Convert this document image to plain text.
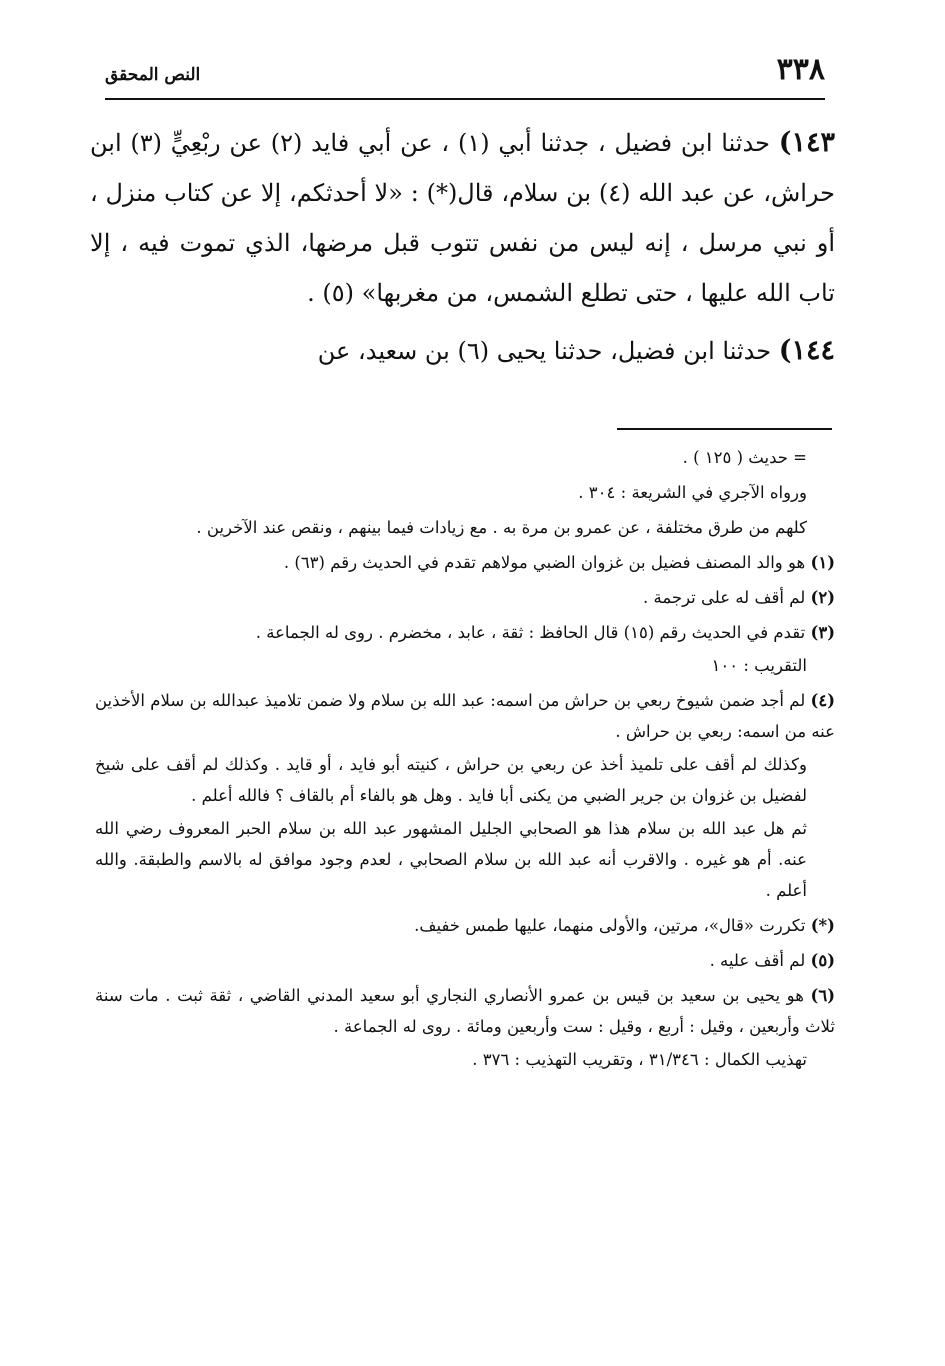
٣٣٨
النص المحقق

١٤٣) حدثنا ابن فضيل ، جدثنا أبي (١) ، عن أبي فايد (٢) عن ربْعِيٍّ (٣) ابن حراش، عن عبد الله (٤) بن سلام، قال(*) : «لا أحدثكم، إلا عن كتاب منزل ، أو نبي مرسل ، إنه ليس من نفس تتوب قبل مرضها، الذي تموت فيه ، إلا تاب الله عليها ، حتى تطلع الشمس، من مغربها» (٥) .

١٤٤) حدثنا ابن فضيل، حدثنا يحيى (٦) بن سعيد، عن

= حديث ( ١٢٥ ) .

ورواه الآجري في الشريعة : ٣٠٤ .

كلهم من طرق مختلفة ، عن عمرو بن مرة به . مع زيادات فيما بينهم ، ونقص عند الآخرين .

(١) هو والد المصنف فضيل بن غزوان الضبي مولاهم تقدم في الحديث رقم (٦٣) .

(٢) لم أقف له على ترجمة .

(٣) تقدم في الحديث رقم (١٥) قال الحافظ : ثقة ، عابد ، مخضرم . روى له الجماعة .

التقريب : ١٠٠

(٤) لم أجد ضمن شيوخ ربعي بن حراش من اسمه: عبد الله بن سلام ولا ضمن تلاميذ عبدالله بن سلام الأخذين عنه من اسمه: ربعي بن حراش .

وكذلك لم أقف على تلميذ أخذ عن ربعي بن حراش ، كنيته أبو فايد ، أو قايد . وكذلك لم أقف على شيخ لفضيل بن غزوان بن جرير الضبي من يكنى أبا فايد . وهل هو بالفاء أم بالقاف ؟ فالله أعلم .

ثم هل عبد الله بن سلام هذا هو الصحابي الجليل المشهور عبد الله بن سلام الحبر المعروف رضي الله عنه. أم هو غيره . والاقرب أنه عبد الله بن سلام الصحابي ، لعدم وجود موافق له بالاسم والطبقة. والله أعلم .

(*) تكررت «قال»، مرتين، والأولى منهما، عليها طمس خفيف.

(٥) لم أقف عليه .

(٦) هو يحيى بن سعيد بن قيس بن عمرو الأنصاري النجاري أبو سعيد المدني القاضي ، ثقة ثبت . مات سنة ثلاث وأربعين ، وقيل : أربع ، وقيل : ست وأربعين ومائة . روى له الجماعة .

تهذيب الكمال : ٣١/٣٤٦ ، وتقريب التهذيب : ٣٧٦ .
